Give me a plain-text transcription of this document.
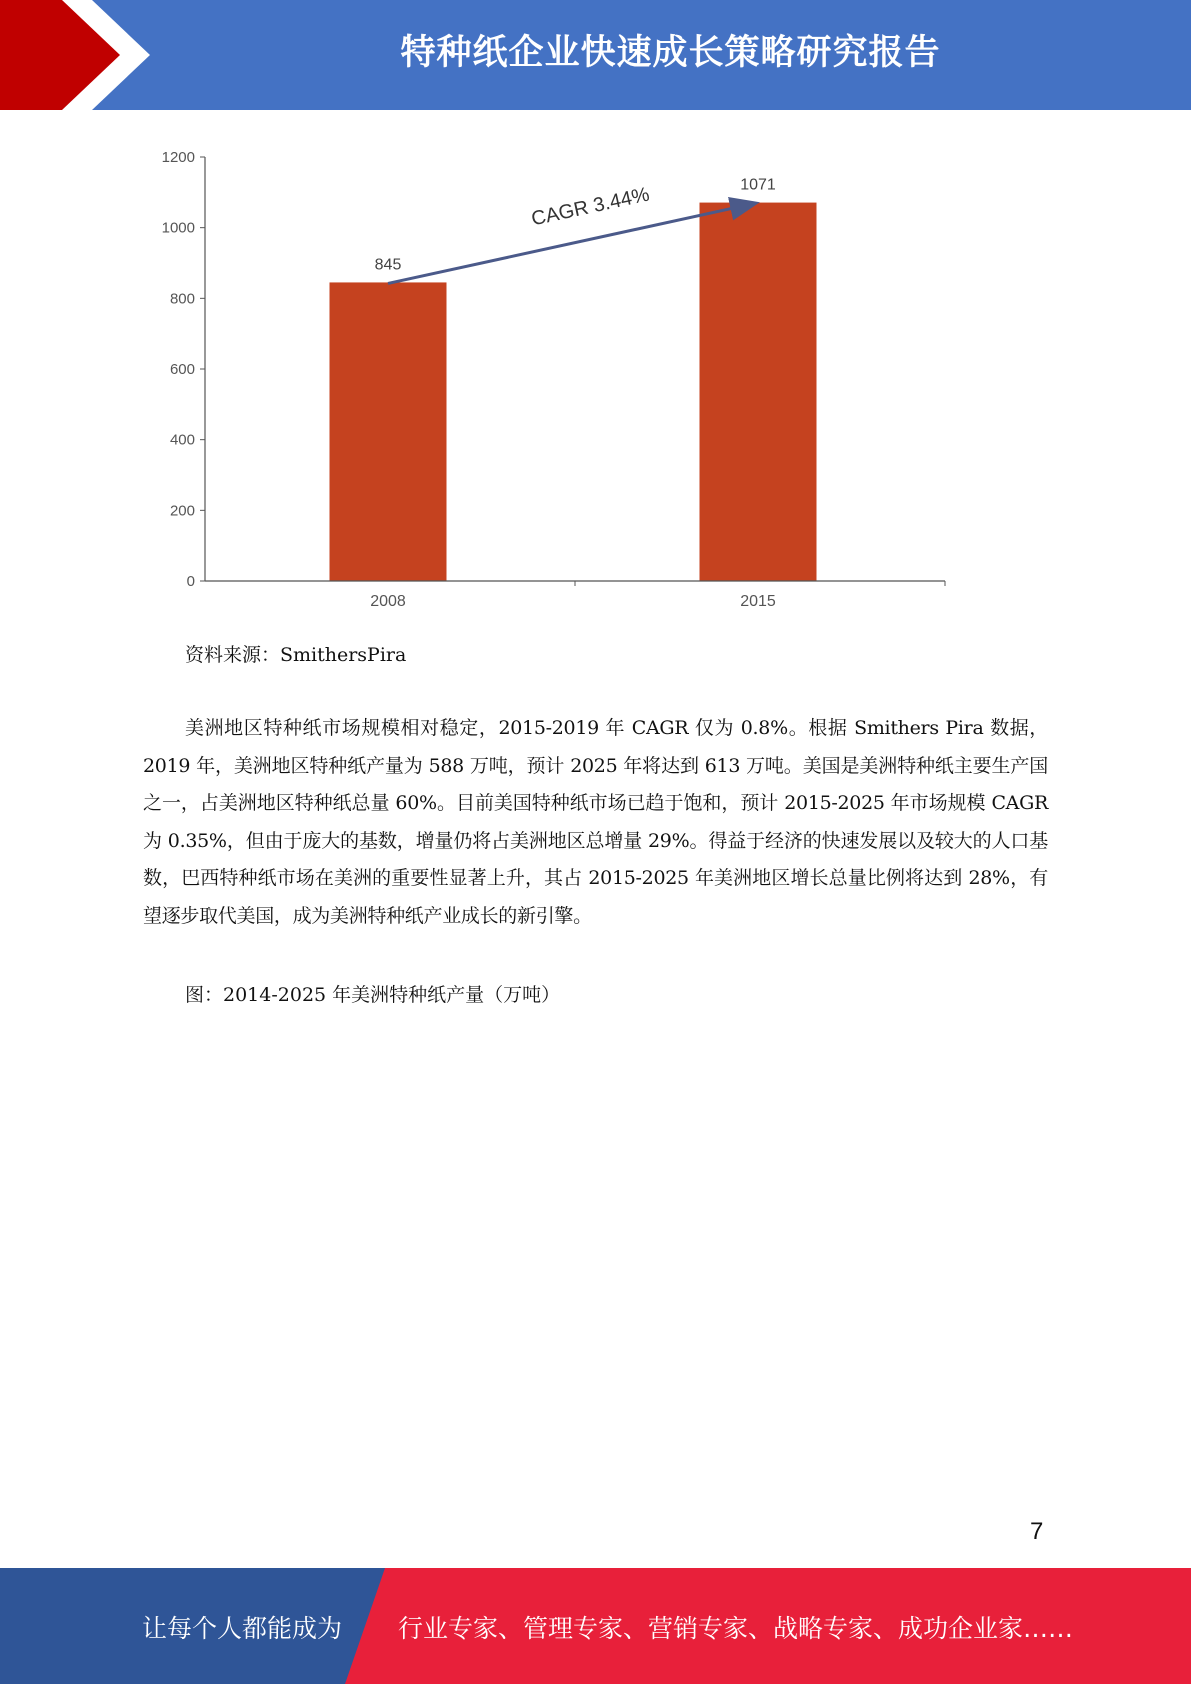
特种纸企业快速成长策略研究报告
0
200
400
600
800
1000
1200
845
1071
2008	2015
CAGR 3.44%

资料来源：SmithersPira

美洲地区特种纸市场规模相对稳定，2015-2019 年 CAGR 仅为 0.8%。根据 Smithers Pira 数据，2019 年，美洲地区特种纸产量为 588 万吨，预计 2025 年将达到 613 万吨。美国是美洲特种纸主要生产国之一，占美洲地区特种纸总量 60%。目前美国特种纸市场已趋于饱和，预计 2015-2025 年市场规模 CAGR 为 0.35%，但由于庞大的基数，增量仍将占美洲地区总增量 29%。得益于经济的快速发展以及较大的人口基数，巴西特种纸市场在美洲的重要性显著上升，其占 2015-2025 年美洲地区增长总量比例将达到 28%，有望逐步取代美国，成为美洲特种纸产业成长的新引擎。

图：2014-2025 年美洲特种纸产量（万吨）

7
让每个人都能成为 行业专家、管理专家、营销专家、战略专家、成功企业家……
